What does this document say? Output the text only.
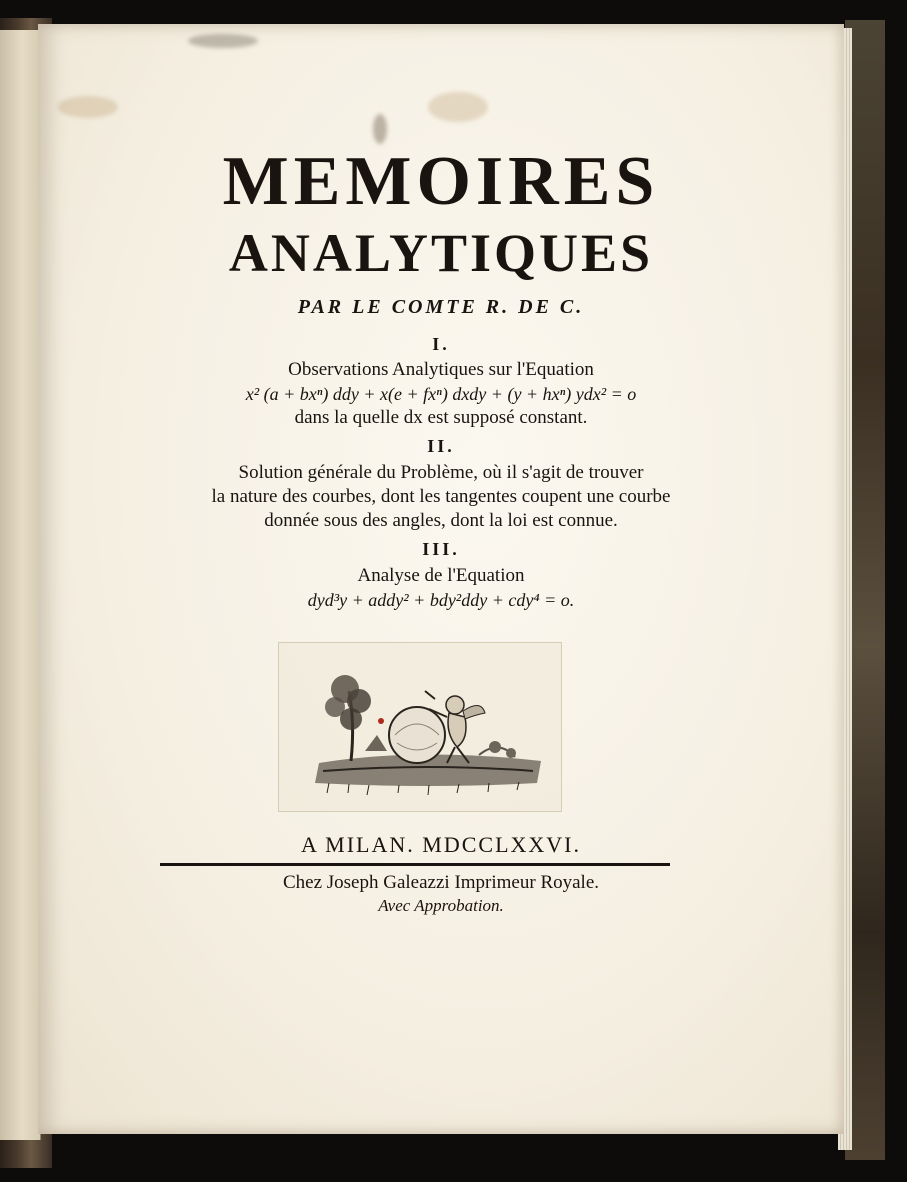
MEMOIRES
ANALYTIQUES
PAR LE COMTE R. DE C.
I.
Observations Analytiques sur l'Equation
x² (a + bxⁿ) ddy + x(e + fxⁿ) dxdy + (y + hxⁿ) ydx² = o
dans la quelle dx est supposé constant.
II.
Solution générale du Problème, où il s'agit de trouver
la nature des courbes, dont les tangentes coupent une courbe
donnée sous des angles, dont la loi est connue.
III.
Analyse de l'Equation
dyd³y + addy² + bdy²ddy + cdy⁴ = o.
A MILAN. MDCCLXXVI.
Chez Joseph Galeazzi Imprimeur Royale.
Avec Approbation.
